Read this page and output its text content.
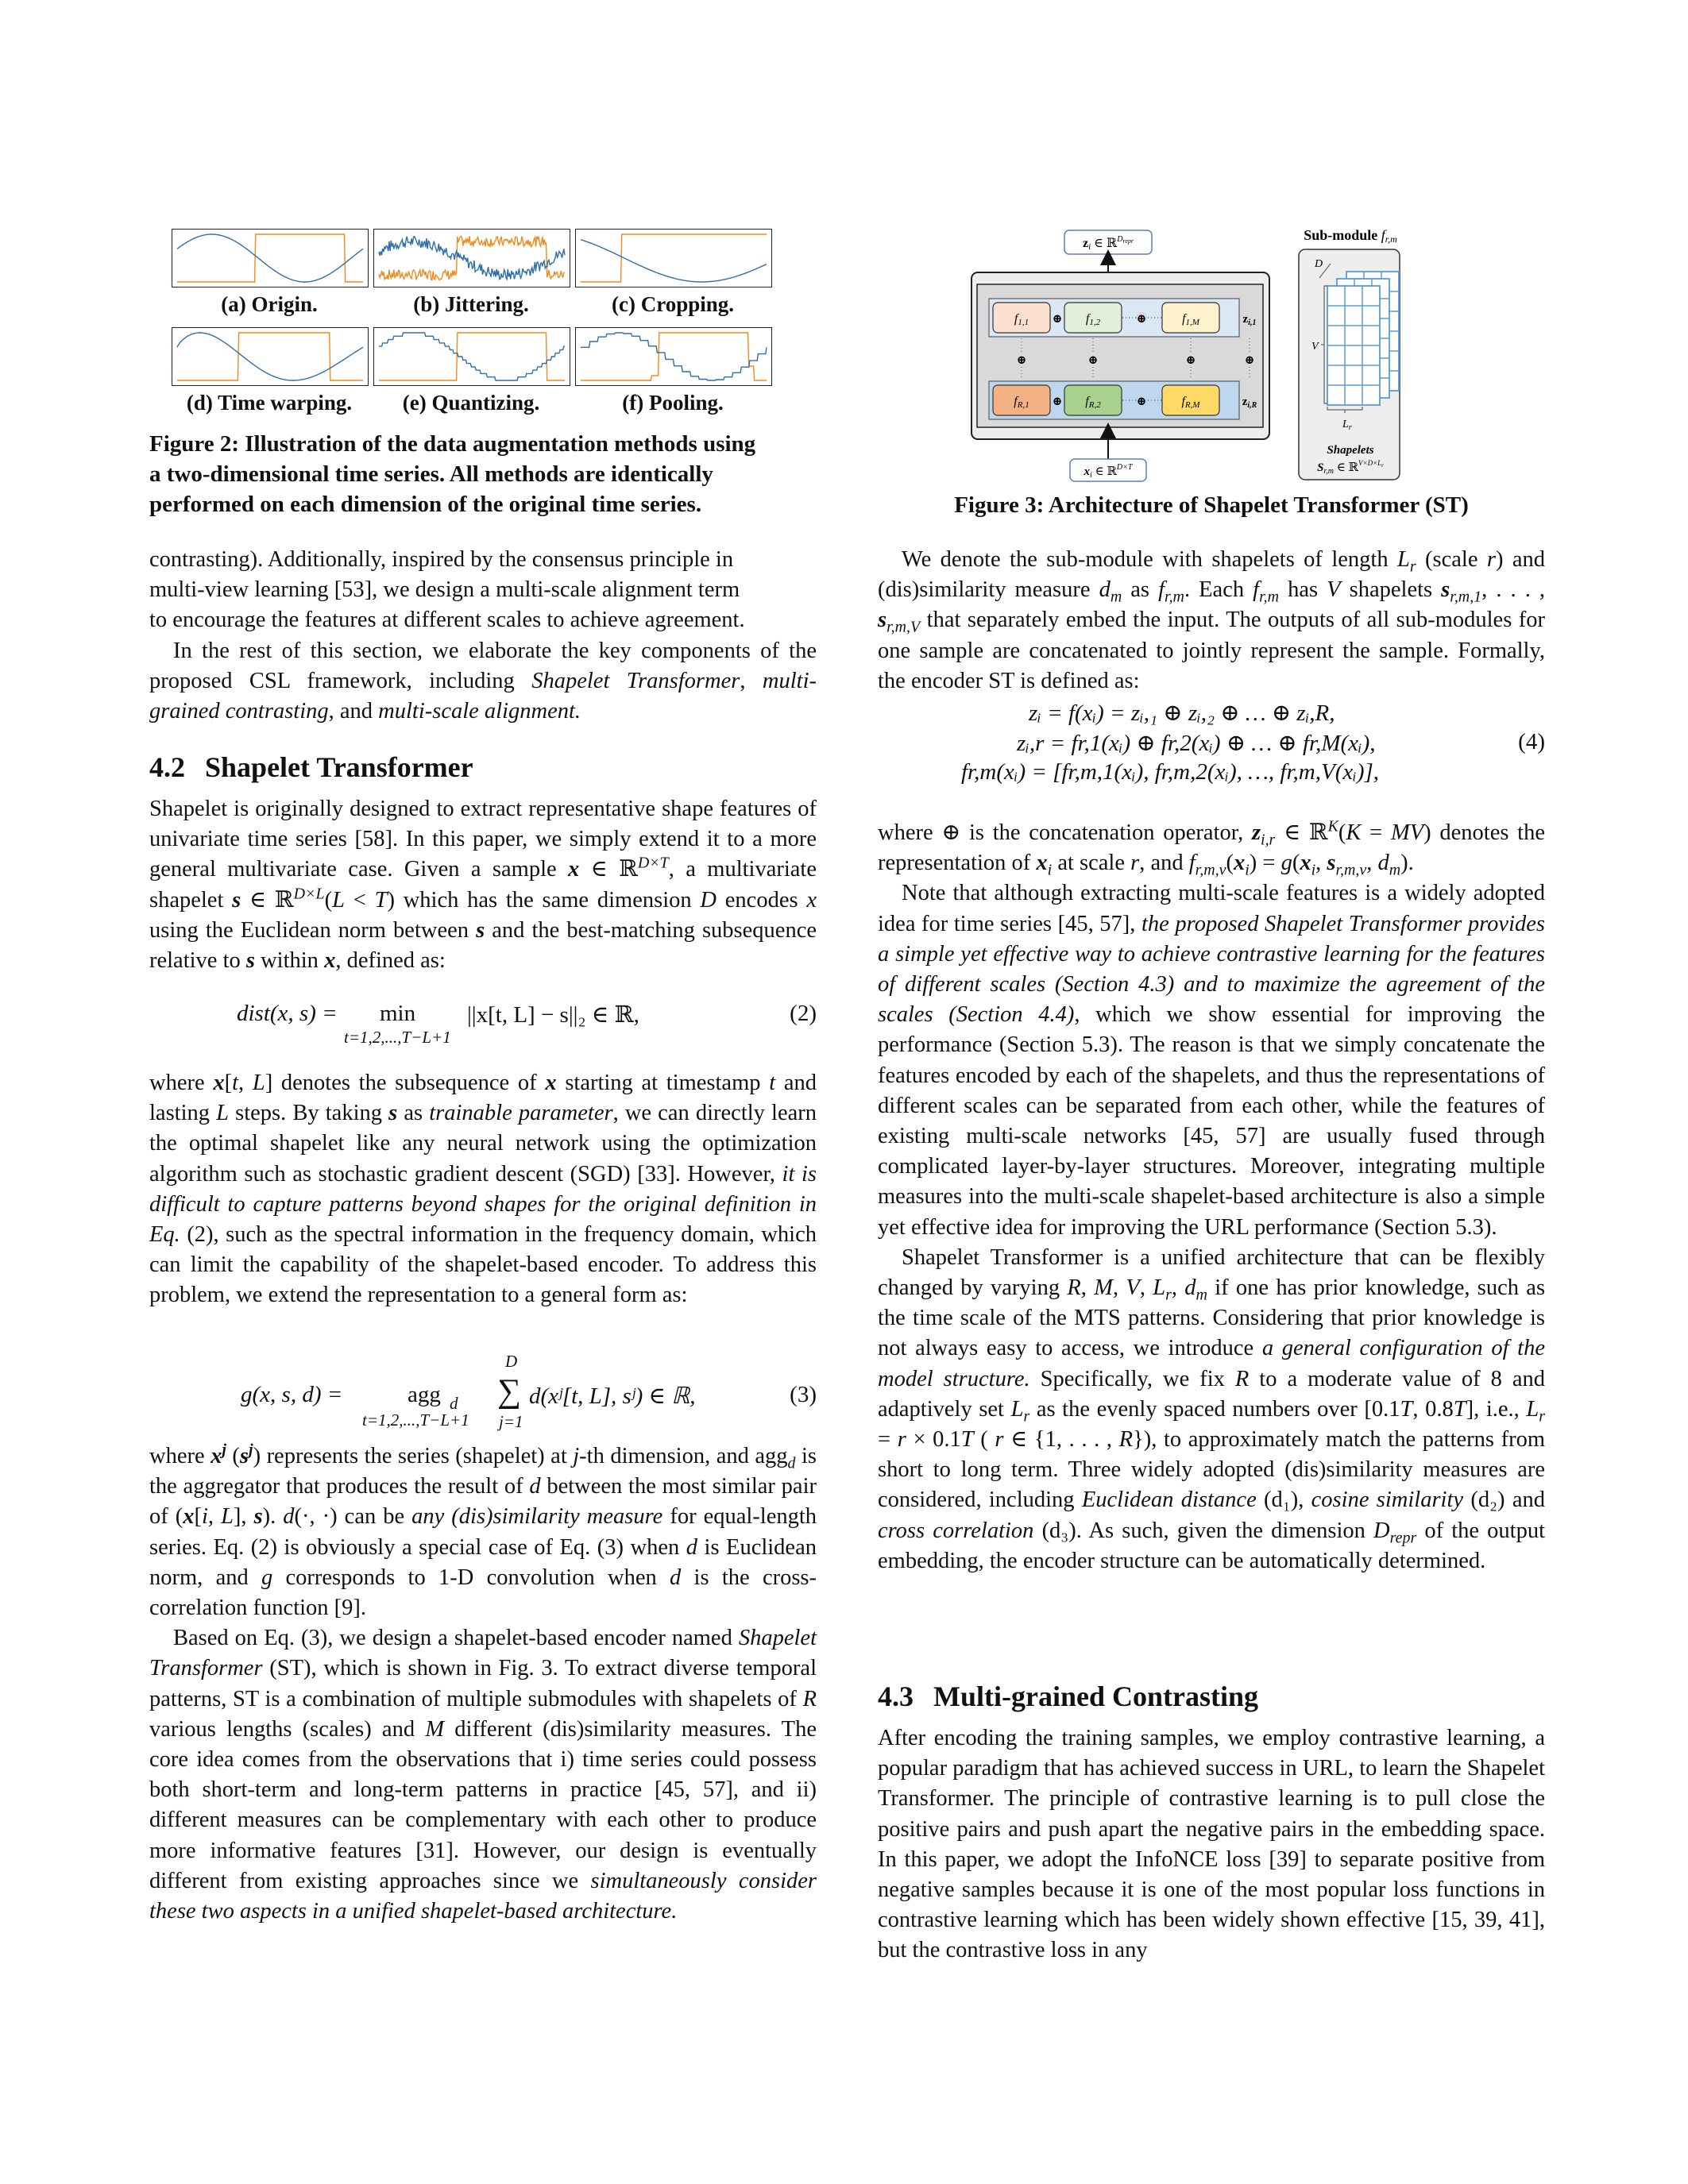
(a) Origin.	(b) Jittering.	(c) Cropping.
(d) Time warping.	(e) Quantizing.	(f) Pooling.

Figure 2: Illustration of the data augmentation methods using

a two-dimensional time series. All methods are identically

performed on each dimension of the original time series.

contrasting). Additionally, inspired by the consensus principle in

multi-view learning [53], we design a multi-scale alignment term

to encourage the features at different scales to achieve agreement.

In the rest of this section, we elaborate the key components of the proposed CSL framework, including Shapelet Transformer, multi-grained contrasting, and multi-scale alignment.

4.2 Shapelet Transformer

Shapelet is originally designed to extract representative shape features of univariate time series [58]. In this paper, we simply extend it to a more general multivariate case. Given a sample x ∈ ℝ$^{D\times T}$, a multivariate shapelet s ∈ ℝ$^{D\times L}$(L < T) which has the same dimension D encodes x using the Euclidean norm between s and the best-matching subsequence relative to s within x, defined as:

dist(x, s) = min
t=1,2,...,T−L+1
||x[t, L] − s||₂ ∈ ℝ,	(2)

where x[t, L] denotes the subsequence of x starting at timestamp t and lasting L steps. By taking s as trainable parameter, we can directly learn the optimal shapelet like any neural network using the optimization algorithm such as stochastic gradient descent (SGD) [33]. However, it is difficult to capture patterns beyond shapes for the original definition in Eq. (2), such as the spectral information in the frequency domain, which can limit the capability of the shapelet-based encoder. To address this problem, we extend the representation to a general form as:

g(x, s, d) =	agg d
t=1,2,...,T−L+1
D
∑
j=1
d(xʲ[t, L], sʲ) ∈ ℝ,	(3)

where $x^j$ $(s^j)$ represents the series (shapelet) at j-th dimension, and agg$_d$ is the aggregator that produces the result of d between the most similar pair of (x[i, L], s). d(·, ·) can be any (dis)similarity measure for equal-length series. Eq. (2) is obviously a special case of Eq. (3) when d is Euclidean norm, and g corresponds to 1-D convolution when d is the cross-correlation function [9].

Based on Eq. (3), we design a shapelet-based encoder named Shapelet Transformer (ST), which is shown in Fig. 3. To extract diverse temporal patterns, ST is a combination of multiple submodules with shapelets of R various lengths (scales) and M different (dis)similarity measures. The core idea comes from the observations that i) time series could possess both short-term and long-term patterns in practice [45, 57], and ii) different measures can be complementary with each other to produce more informative features [31]. However, our design is eventually different from existing approaches since we simultaneously consider these two aspects in a unified shapelet-based architecture.

zi ∈ ℝ$^D$repr
f1,1	f1,2	f1,M
⊕	⊕	$z_{i,1}$
⊕	⊕	⊕	⊕
fR,1	fR,2	fR,M
⊕	⊕	$z_{i,R}$
$x_i$ ∈ ℝ$^{D\times T}$
Sub-module fr,m
D
V
$L_r$
Shapelets
$S_{r,m}$ ∈ ℝ$^{V\times D\times L}$r

Figure 3: Architecture of Shapelet Transformer (ST)

We denote the sub-module with shapelets of length $L_r$ (scale r) and (dis)similarity measure $d_m$ as $f_{r,m}$. Each $f_{r,m}$ has V shapelets $s_{r,m,1}$, . . . , $s_{r,m,V}$ that separately embed the input. The outputs of all sub-modules for one sample are concatenated to jointly represent the sample. Formally, the encoder ST is defined as:

zᵢ = f(xᵢ) = zᵢ,₁ ⊕ zᵢ,₂ ⊕ … ⊕ zᵢ,R,
zᵢ,r = fr,1(xᵢ) ⊕ fr,2(xᵢ) ⊕ … ⊕ fr,M(xᵢ),
fr,m(xᵢ) = [fr,m,1(xᵢ), fr,m,2(xᵢ), …, fr,m,V(xᵢ)],
(4)

where ⊕ is the concatenation operator, $z_{i,r}$ ∈ ℝ$^K$(K = MV) denotes the representation of $x_i$ at scale r, and $f_{r,m,v}(x_i) = g(x_i$, $s_{r,m,v}$, $d_m$).

Note that although extracting multi-scale features is a widely adopted idea for time series [45, 57], the proposed Shapelet Transformer provides a simple yet effective way to achieve contrastive learning for the features of different scales (Section 4.3) and to maximize the agreement of the scales (Section 4.4), which we show essential for improving the performance (Section 5.3). The reason is that we simply concatenate the features encoded by each of the shapelets, and thus the representations of different scales can be separated from each other, while the features of existing multi-scale networks [45, 57] are usually fused through complicated layer-by-layer structures. Moreover, integrating multiple measures into the multi-scale shapelet-based architecture is also a simple yet effective idea for improving the URL performance (Section 5.3).

Shapelet Transformer is a unified architecture that can be flexibly changed by varying R, M, V, $L_r$, $d_m$ if one has prior knowledge, such as the time scale of the MTS patterns. Considering that prior knowledge is not always easy to access, we introduce a general configuration of the model structure. Specifically, we fix R to a moderate value of 8 and adaptively set $L_r$ as the evenly spaced numbers over [0.1T, 0.8T], i.e., $L_r = r \times 0.1T$ ( r ∈ {1, . . . , R}), to approximately match the patterns from short to long term. Three widely adopted (dis)similarity measures are considered, including Euclidean distance (d₁), cosine similarity (d₂) and cross correlation (d₃). As such, given the dimension $D_{repr}$ of the output embedding, the encoder structure can be automatically determined.

4.3 Multi-grained Contrasting

After encoding the training samples, we employ contrastive learning, a popular paradigm that has achieved success in URL, to learn the Shapelet Transformer. The principle of contrastive learning is to pull close the positive pairs and push apart the negative pairs in the embedding space. In this paper, we adopt the InfoNCE loss [39] to separate positive from negative samples because it is one of the most popular loss functions in contrastive learning which has been widely shown effective [15, 39, 41], but the contrastive loss in any
